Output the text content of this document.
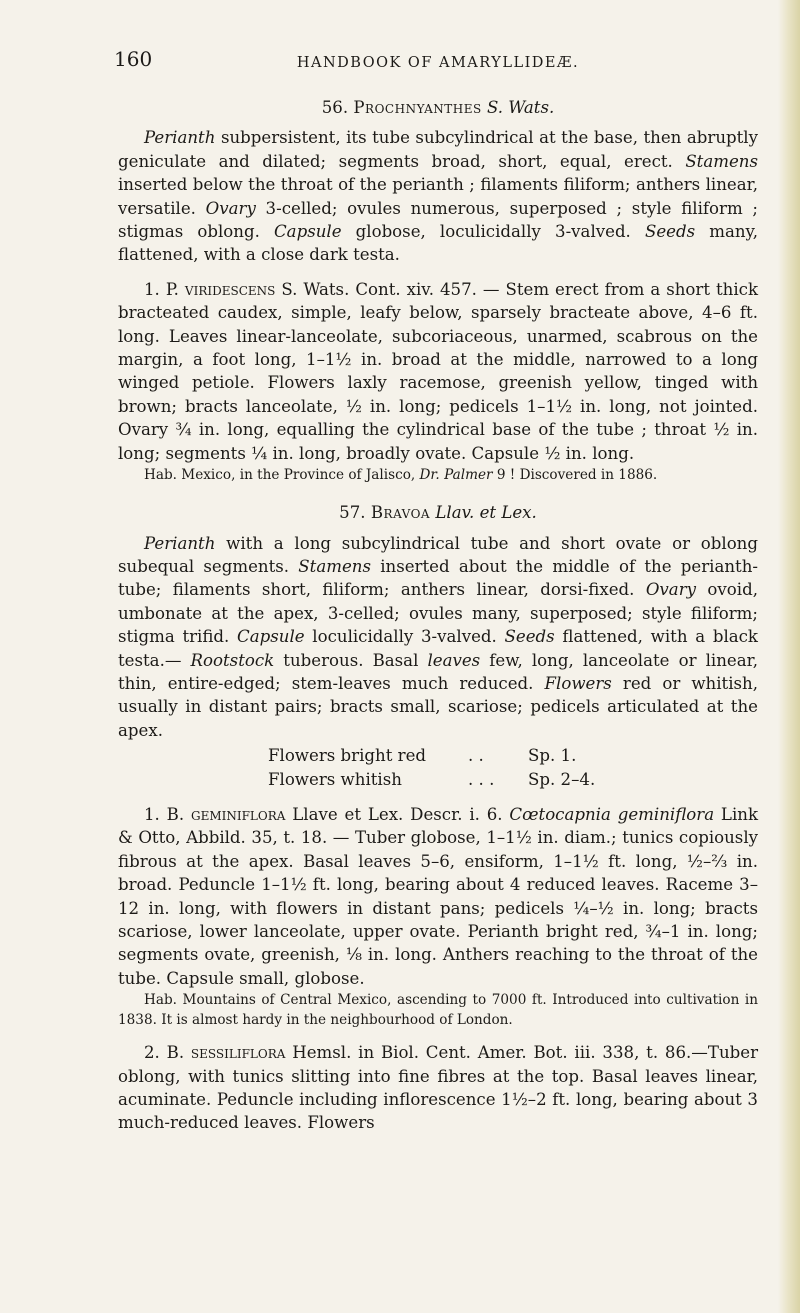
160	HANDBOOK OF AMARYLLIDEÆ.
56. Prochnyanthes S. Wats.

Perianth subpersistent, its tube subcylindrical at the base, then abruptly geniculate and dilated; segments broad, short, equal, erect. Stamens inserted below the throat of the perianth ; filaments filiform; anthers linear, versatile. Ovary 3-celled; ovules numerous, superposed ; style filiform ; stigmas oblong. Capsule globose, loculicidally 3-valved. Seeds many, flattened, with a close dark testa.

1. P. viridescens S. Wats. Cont. xiv. 457. — Stem erect from a short thick bracteated caudex, simple, leafy below, sparsely bracteate above, 4–6 ft. long. Leaves linear-lanceolate, subcoriaceous, unarmed, scabrous on the margin, a foot long, 1–1½ in. broad at the middle, narrowed to a long winged petiole. Flowers laxly racemose, greenish yellow, tinged with brown; bracts lanceolate, ½ in. long; pedicels 1–1½ in. long, not jointed. Ovary ¾ in. long, equalling the cylindrical base of the tube ; throat ½ in. long; segments ¼ in. long, broadly ovate. Capsule ½ in. long.

Hab. Mexico, in the Province of Jalisco, Dr. Palmer 9 ! Discovered in 1886.

57. Bravoa Llav. et Lex.

Perianth with a long subcylindrical tube and short ovate or oblong subequal segments. Stamens inserted about the middle of the perianth-tube; filaments short, filiform; anthers linear, dorsi-fixed. Ovary ovoid, umbonate at the apex, 3-celled; ovules many, superposed; style filiform; stigma trifid. Capsule loculicidally 3-valved. Seeds flattened, with a black testa.— Rootstock tuberous. Basal leaves few, long, lanceolate or linear, thin, entire-edged; stem-leaves much reduced. Flowers red or whitish, usually in distant pairs; bracts small, scariose; pedicels articulated at the apex.

Flowers bright red	. .	Sp. 1.
Flowers whitish	. . .	Sp. 2–4.

1. B. geminiflora Llave et Lex. Descr. i. 6. Cœtocapnia geminiflora Link & Otto, Abbild. 35, t. 18. — Tuber globose, 1–1½ in. diam.; tunics copiously fibrous at the apex. Basal leaves 5–6, ensiform, 1–1½ ft. long, ½–⅔ in. broad. Peduncle 1–1½ ft. long, bearing about 4 reduced leaves. Raceme 3–12 in. long, with flowers in distant pans; pedicels ¼–½ in. long; bracts scariose, lower lanceolate, upper ovate. Perianth bright red, ¾–1 in. long; segments ovate, greenish, ⅛ in. long. Anthers reaching to the throat of the tube. Capsule small, globose.

Hab. Mountains of Central Mexico, ascending to 7000 ft. Introduced into cultivation in 1838. It is almost hardy in the neighbourhood of London.

2. B. sessiliflora Hemsl. in Biol. Cent. Amer. Bot. iii. 338, t. 86.—Tuber oblong, with tunics slitting into fine fibres at the top. Basal leaves linear, acuminate. Peduncle including inflorescence 1½–2 ft. long, bearing about 3 much-reduced leaves. Flowers
